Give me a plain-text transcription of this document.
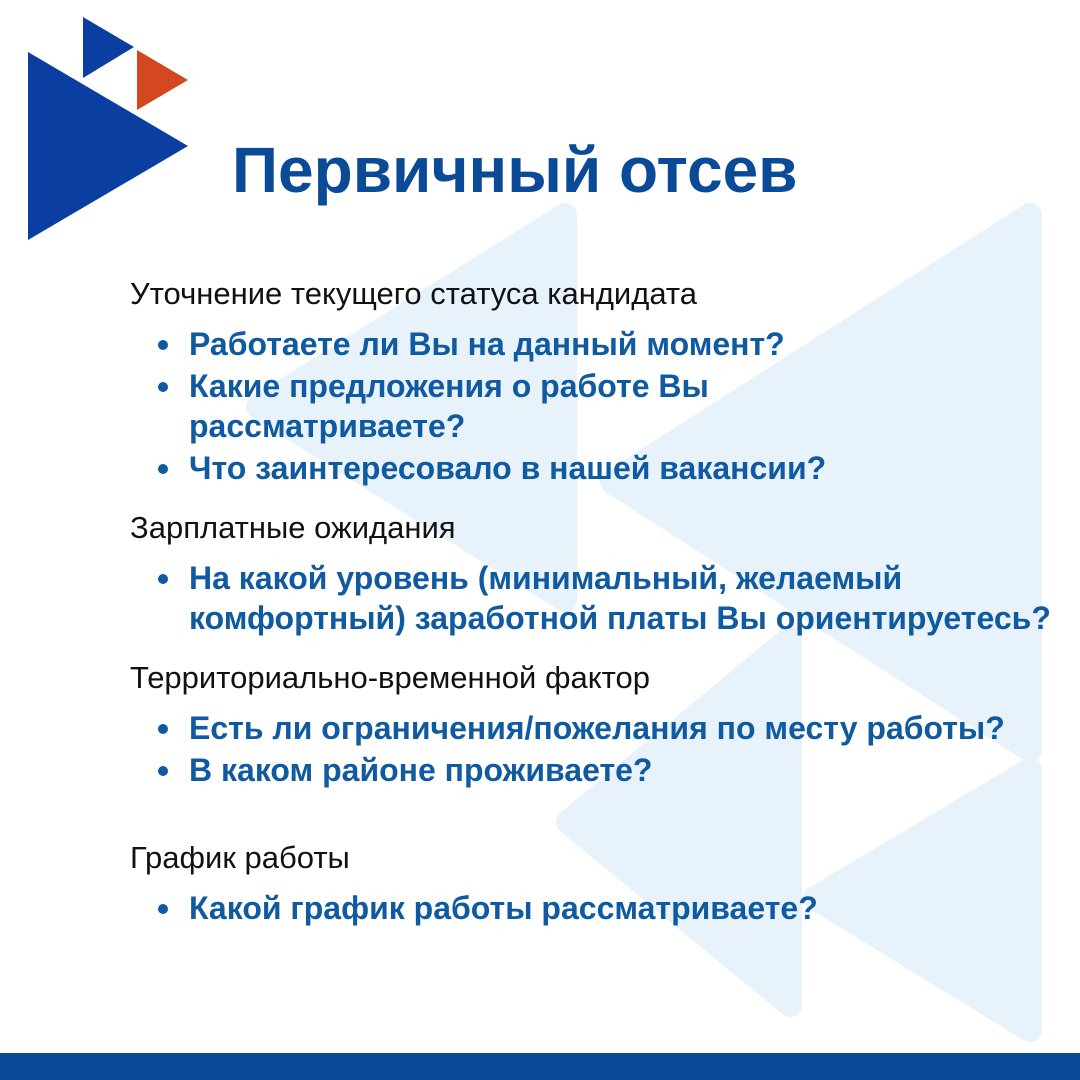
Первичный отсев
Уточнение текущего статуса кандидата
Работаете ли Вы на данный момент?
Какие предложения о работе Вы рассматриваете?
Что заинтересовало в нашей вакансии?
Зарплатные ожидания
На какой уровень (минимальный, желаемый комфортный) заработной платы Вы ориентируетесь?
Территориально-временной фактор
Есть ли ограничения/пожелания по месту работы?
В каком районе проживаете?
График работы
Какой график работы рассматриваете?
